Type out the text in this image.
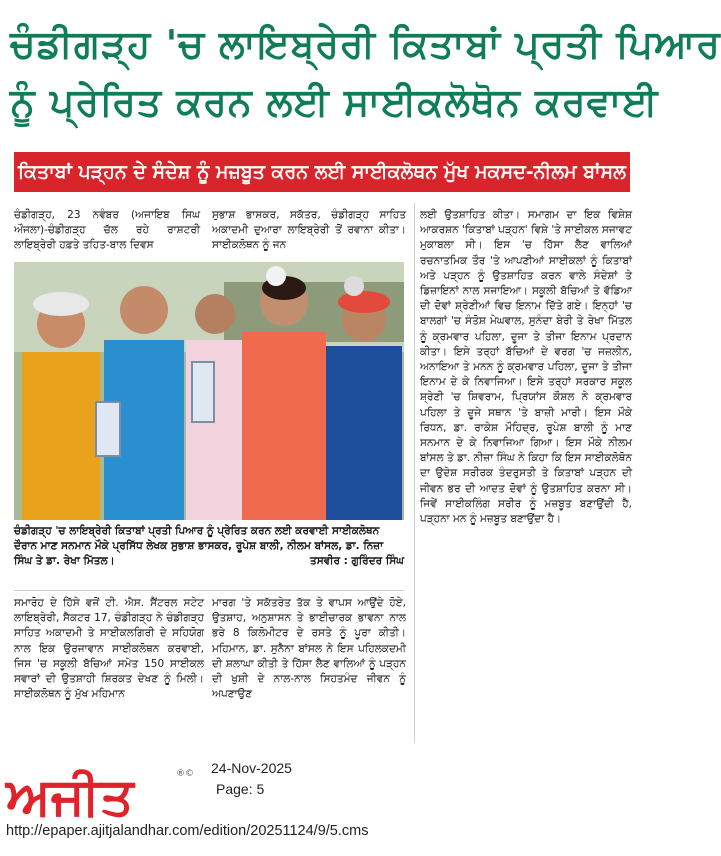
ਚੰਡੀਗੜ੍ਹ 'ਚ ਲਾਇਬ੍ਰੇਰੀ ਕਿਤਾਬਾਂ ਪ੍ਰਤੀ ਪਿਆਰ
ਨੂੰ ਪ੍ਰੇਰਿਤ ਕਰਨ ਲਈ ਸਾਈਕਲੋਥੋਨ ਕਰਵਾਈ
ਕਿਤਾਬਾਂ ਪੜ੍ਹਨ ਦੇ ਸੰਦੇਸ਼ ਨੂੰ ਮਜ਼ਬੂਤ ਕਰਨ ਲਈ ਸਾਈਕਲੋਥਨ ਮੁੱਖ ਮਕਸਦ-ਨੀਲਮ ਬਾਂਸਲ
ਚੰਡੀਗੜ੍ਹ, 23 ਨਵੰਬਰ (ਅਜਾਇਬ ਸਿਘ ਔਜਲਾ)-ਚੰਡੀਗੜ੍ਹ ਚੱਲ ਰਹੇ ਰਾਸ਼ਟਰੀ ਲਾਇਬ੍ਰੇਰੀ ਹਫ਼ਤੇ ਤਹਿਤ-ਬਾਲ ਦਿਵਸ
ਸੁਭਾਸ਼ ਭਾਸਕਰ, ਸਕੱਤਰ, ਚੰਡੀਗੜ੍ਹ ਸਾਹਿਤ ਅਕਾਦਮੀ ਦੁਆਰਾ ਲਾਇਬ੍ਰੇਰੀ ਤੋਂ ਰਵਾਨਾ ਕੀਤਾ। ਸਾਈਕਲੋਥਨ ਨੂੰ ਜਨ
ਚੰਡੀਗੜ੍ਹ 'ਚ ਲਾਇਬ੍ਰੇਰੀ ਕਿਤਾਬਾਂ ਪ੍ਰਤੀ ਪਿਆਰ ਨੂੰ ਪ੍ਰੇਰਿਤ ਕਰਨ ਲਈ ਕਰਵਾਈ ਸਾਈਕਲੋਥਨ ਦੌਰਾਨ ਮਾਣ ਸਨਮਾਨ ਮੌਕੇ ਪ੍ਰਸਿੱਧ ਲੇਖਕ ਸੁਭਾਸ਼ ਭਾਸਕਰ, ਰੂਪੇਸ਼ ਬਾਲੀ, ਨੀਲਮ ਬਾਂਸਲ, ਡਾ. ਨਿਜ਼ਾ ਸਿੰਘ ਤੇ ਡਾ. ਰੇਖਾ ਮਿੱਤਲ।	ਤਸਵੀਰ : ਗੁਰਿੰਦਰ ਸਿੰਘ
ਸਮਾਰੋਹ ਦੇ ਹਿੱਸੇ ਵਜੋਂ ਟੀ. ਐਸ. ਸੈਂਟਰਲ ਸਟੇਟ ਲਾਇਬ੍ਰੇਰੀ, ਸੈਕਟਰ 17, ਚੰਡੀਗੜ੍ਹ ਨੇ ਚੰਡੀਗੜ੍ਹ ਸਾਹਿਤ ਅਕਾਦਮੀ ਤੇ ਸਾਈਕਲਗਿਰੀ ਦੇ ਸਹਿਯੋਗ ਨਾਲ ਇਕ ਉਰਜਾਵਾਨ ਸਾਈਕਲੋਥਨ ਕਰਵਾਈ, ਜਿਸ 'ਚ ਸਕੂਲੀ ਬੱਚਿਆਂ ਸਮੇਤ 150 ਸਾਈਕਲ ਸਵਾਰਾਂ ਦੀ ਉਤਸ਼ਾਹੀ ਸ਼ਿਰਕਤ ਦੇਖਣ ਨੂੰ ਮਿਲੀ। ਸਾਈਕਲੋਥਨ ਨੂੰ ਮੁੱਖ ਮਹਿਮਾਨ
ਮਾਰਗ 'ਤੇ ਸਕੱਤਰੇਤ ਤੱਕ ਤੇ ਵਾਪਸ ਆਉਂਦੇ ਹੋਏ, ਉਤਸ਼ਾਹ, ਅਨੁਸ਼ਾਸਨ ਤੇ ਭਾਈਚਾਰਕ ਭਾਵਨਾ ਨਾਲ ਭਰੇ 8 ਕਿਲੋਮੀਟਰ ਦੇ ਰਸਤੇ ਨੂੰ ਪੂਰਾ ਕੀਤੀ। ਮਹਿਮਾਨ, ਡਾ. ਸੁਨੈਨਾ ਬਾਂਸਲ ਨੇ ਇਸ ਪਹਿਲਕਦਮੀ ਦੀ ਸ਼ਲਾਘਾ ਕੀਤੀ ਤੇ ਹਿੱਸਾ ਲੈਣ ਵਾਲਿਆਂ ਨੂੰ ਪੜ੍ਹਨ ਦੀ ਖੁਸ਼ੀ ਦੇ ਨਾਲ-ਨਾਲ ਸਿਹਤਮੰਦ ਜੀਵਨ ਨੂੰ ਅਪਣਾਉਣ
ਲਈ ਉਤਸ਼ਾਹਿਤ ਕੀਤਾ। ਸਮਾਗਮ ਦਾ ਇਕ ਵਿਸ਼ੇਸ਼ ਆਕਰਸ਼ਨ 'ਕਿਤਾਬਾਂ ਪੜ੍ਹਨ' ਵਿਸ਼ੇ 'ਤੇ ਸਾਈਕਲ ਸਜਾਵਟ ਮੁਕਾਬਲਾ ਸੀ। ਇਸ 'ਚ ਹਿੱਸਾ ਲੈਣ ਵਾਲਿਆਂ ਰਚਨਾਤਮਿਕ ਤੌਰ 'ਤੇ ਆਪਣੀਆਂ ਸਾਈਕਲਾਂ ਨੂੰ ਕਿਤਾਬਾਂ ਅਤੇ ਪੜ੍ਹਨ ਨੂੰ ਉਤਸ਼ਾਹਿਤ ਕਰਨ ਵਾਲੇ ਸੰਦੇਸ਼ਾਂ ਤੇ ਡਿਜ਼ਾਇਨਾਂ ਨਾਲ ਸਜਾਇਆ। ਸਕੂਲੀ ਬੱਚਿਆਂ ਤੇ ਵੱਡਿਆ ਦੀ ਦੋਵਾਂ ਸ਼੍ਰੇਣੀਆਂ ਵਿਚ ਇਨਾਮ ਦਿੱਤੇ ਗਏ। ਇਨ੍ਹਾਂ 'ਚ ਬਾਲਗਾਂ 'ਚ ਸੰਤੋਸ਼ ਮੇਘਵਾਲ, ਸੁਨੰਦਾ ਬੇਰੀ ਤੇ ਰੇਖਾ ਮਿੱਤਲ ਨੂੰ ਕ੍ਰਮਵਾਰ ਪਹਿਲਾ, ਦੂਜਾ ਤੇ ਤੀਜਾ ਇਨਾਮ ਪ੍ਰਦਾਨ ਕੀਤਾ। ਇਸੇ ਤਰ੍ਹਾਂ ਬੱਚਿਆਂ ਦੇ ਵਰਗ 'ਚ ਜਜ਼ਲੀਨ, ਅਨਾਇਆ ਤੇ ਮਨਨ ਨੂੰ ਕ੍ਰਮਵਾਰ ਪਹਿਲਾ, ਦੂਜਾ ਤੇ ਤੀਜਾ ਇਨਾਮ ਦੇ ਕੇ ਨਿਵਾਜਿਆ। ਇਸੇ ਤਰ੍ਹਾਂ ਸਰਕਾਰ ਸਕੂਲ ਸ਼੍ਰੇਣੀ 'ਚ ਸ਼ਿਵਰਾਮ, ਪ੍ਰਿਯਾਂਸ ਕੌਸ਼ਲ ਨੇ ਕ੍ਰਮਵਾਰ ਪਹਿਲਾ ਤੇ ਦੂਜੇ ਸਥਾਨ 'ਤੇ ਬਾਜ਼ੀ ਮਾਰੀ। ਇਸ ਮੌਕੇ ਰਿਧਨ, ਡਾ. ਰਾਕੇਸ਼ ਮੌਹਿਦ੍ਰ, ਰੂਪੇਸ਼ ਬਾਲੀ ਨੂੰ ਮਾਣ ਸਨਮਾਨ ਦੇ ਕੇ ਨਿਵਾਜਿਆ ਗਿਆ। ਇਸ ਮੌਕੇ ਨੀਲਮ ਬਾਂਸਲ ਤੇ ਡਾ. ਨੀਜ਼ਾ ਸਿੰਘ ਨੇ ਕਿਹਾ ਕਿ ਇਸ ਸਾਈਕਲੋਥੋਨ ਦਾ ਉਦੇਸ਼ ਸਰੀਰਕ ਤੰਦਰੁਸਤੀ ਤੇ ਕਿਤਾਬਾਂ ਪੜ੍ਹਨ ਦੀ ਜੀਵਨ ਭਰ ਦੀ ਆਦਤ ਦੋਵਾਂ ਨੂੰ ਉਤਸ਼ਾਹਿਤ ਕਰਨਾ ਸੀ। ਜਿਵੇਂ ਸਾਈਕਲਿੰਗ ਸਰੀਰ ਨੂੰ ਮਜ਼ਬੂਤ ਬਣਾਉਂਦੀ ਹੈ, ਪੜ੍ਹਨਾ ਮਨ ਨੂੰ ਮਜ਼ਬੂਤ ਬਣਾਉਂਦਾ ਹੈ।
ਅਜੀਤ	®© 24-Nov-2025
Page: 5
http://epaper.ajitjalandhar.com/edition/20251124/9/5.cms
